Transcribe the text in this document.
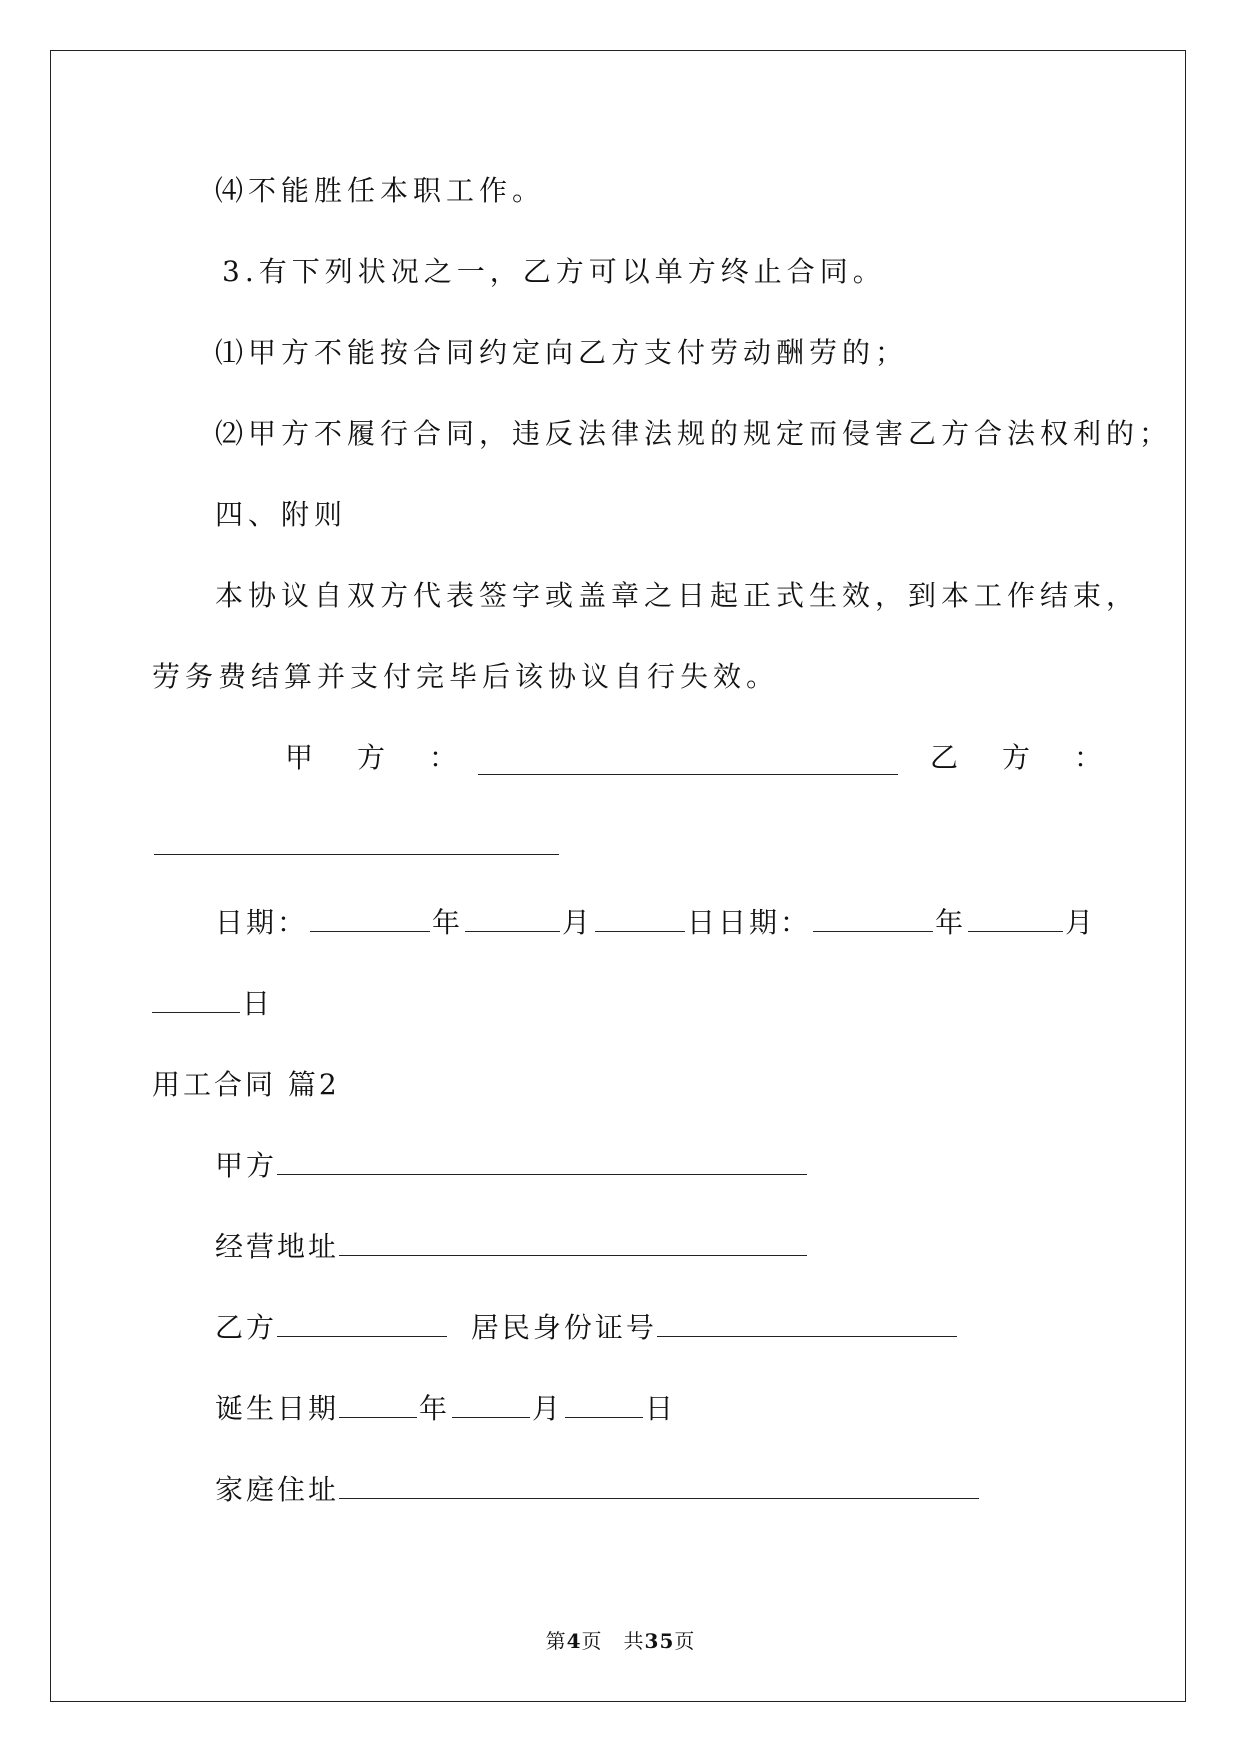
⑷不能胜任本职工作。
3.有下列状况之一，乙方可以单方终止合同。
⑴甲方不能按合同约定向乙方支付劳动酬劳的；
⑵甲方不履行合同，违反法律法规的规定而侵害乙方合法权利的；
四、附则
本协议自双方代表签字或盖章之日起正式生效，到本工作结束，
劳务费结算并支付完毕后该协议自行失效。
甲　方　：	乙　方　：
日期：	年	月	日日期：	年	月
日
用工合同 篇2
甲方
经营地址
乙方	居民身份证号
诞生日期	年	月	日
家庭住址
第4页　共35页
